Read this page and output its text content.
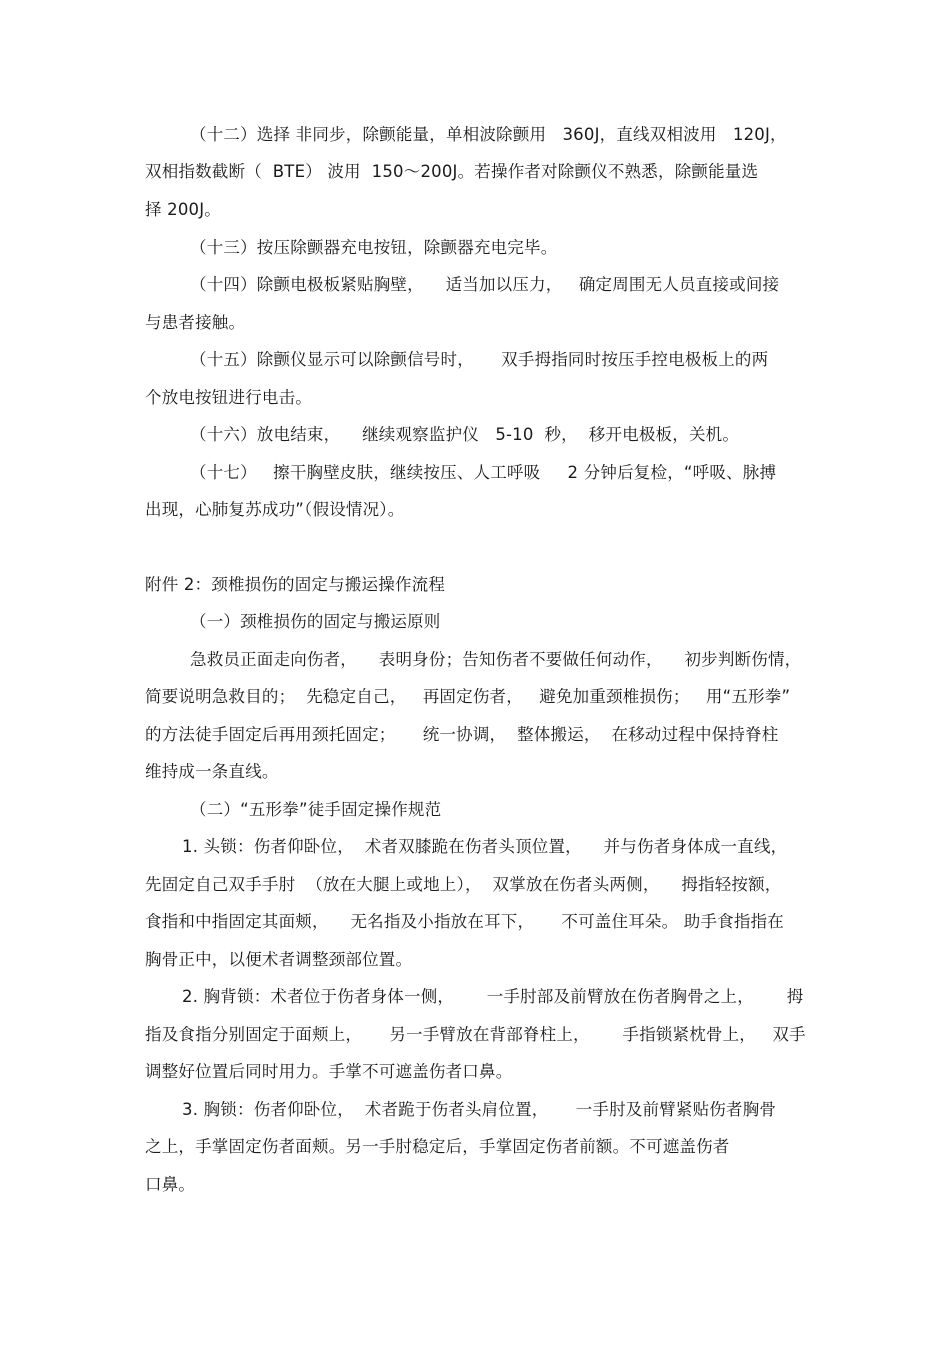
（十二）选择 非同步，除颤能量，单相波除颤用   360J，直线双相波用   120J，
双相指数截断（  BTE） 波用  150～200J。若操作者对除颤仪不熟悉，除颤能量选
择 200J。
（十三）按压除颤器充电按钮，除颤器充电完毕。
（十四）除颤电极板紧贴胸壁，    适当加以压力，   确定周围无人员直接或间接
与患者接触。
（十五）除颤仪显示可以除颤信号时，     双手拇指同时按压手控电极板上的两
个放电按钮进行电击。
（十六）放电结束，    继续观察监护仪   5-10  秒，  移开电极板，关机。
（十七）   擦干胸壁皮肤，继续按压、人工呼吸     2 分钟后复检，“呼吸、脉搏
出现，心肺复苏成功”（假设情况）。
附件 2：颈椎损伤的固定与搬运操作流程
（一）颈椎损伤的固定与搬运原则
急救员正面走向伤者，    表明身份；告知伤者不要做任何动作，    初步判断伤情，
简要说明急救目的；  先稳定自己，   再固定伤者，   避免加重颈椎损伤；   用“五形拳”
的方法徒手固定后再用颈托固定；     统一协调，  整体搬运，  在移动过程中保持脊柱
维持成一条直线。
（二）“五形拳”徒手固定操作规范
1. 头锁：伤者仰卧位，  术者双膝跪在伤者头顶位置，    并与伤者身体成一直线，
先固定自己双手手肘  （放在大腿上或地上），  双掌放在伤者头两侧，    拇指轻按额，
食指和中指固定其面颊，    无名指及小指放在耳下，     不可盖住耳朵。 助手食指指在
胸骨正中，以便术者调整颈部位置。
2. 胸背锁：术者位于伤者身体一侧，      一手肘部及前臂放在伤者胸骨之上，      拇
指及食指分别固定于面颊上，     另一手臂放在背部脊柱上，      手指锁紧枕骨上，   双手
调整好位置后同时用力。手掌不可遮盖伤者口鼻。
3. 胸锁：伤者仰卧位，  术者跪于伤者头肩位置，     一手肘及前臂紧贴伤者胸骨
之上，手掌固定伤者面颊。另一手肘稳定后，手掌固定伤者前额。不可遮盖伤者
口鼻。
